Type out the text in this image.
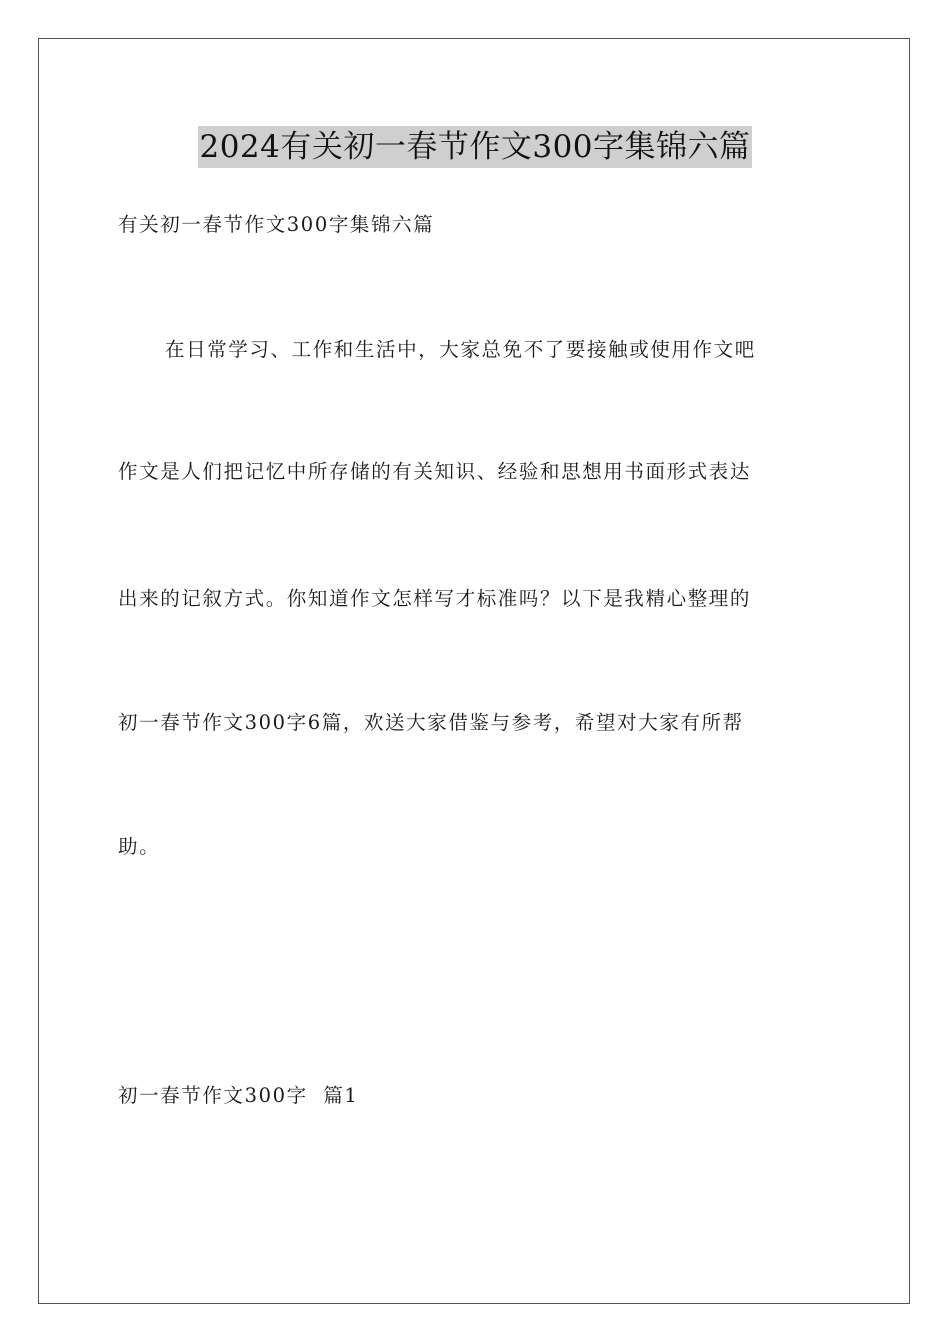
2024有关初一春节作文300字集锦六篇
有关初一春节作文300字集锦六篇
在日常学习、工作和生活中，大家总免不了要接触或使用作文吧
作文是人们把记忆中所存储的有关知识、经验和思想用书面形式表达
出来的记叙方式。你知道作文怎样写才标准吗？以下是我精心整理的
初一春节作文300字6篇，欢送大家借鉴与参考，希望对大家有所帮
助。
初一春节作文300字  篇1
